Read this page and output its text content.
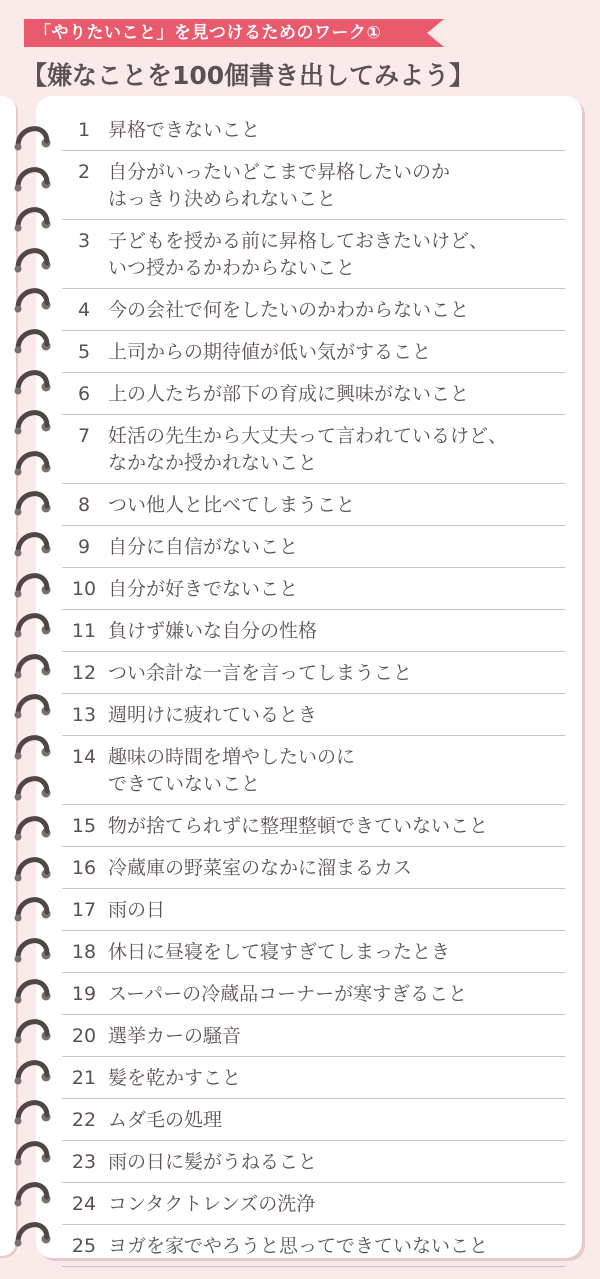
「やりたいこと」を見つけるためのワーク①
【嫌なことを100個書き出してみよう】
1 昇格できないこと
2 自分がいったいどこまで昇格したいのか
はっきり決められないこと
3 子どもを授かる前に昇格しておきたいけど、
いつ授かるかわからないこと
4 今の会社で何をしたいのかわからないこと
5 上司からの期待値が低い気がすること
6 上の人たちが部下の育成に興味がないこと
7 妊活の先生から大丈夫って言われているけど、
なかなか授かれないこと
8 つい他人と比べてしまうこと
9 自分に自信がないこと
10 自分が好きでないこと
11 負けず嫌いな自分の性格
12 つい余計な一言を言ってしまうこと
13 週明けに疲れているとき
14 趣味の時間を増やしたいのに
できていないこと
15 物が捨てられずに整理整頓できていないこと
16 冷蔵庫の野菜室のなかに溜まるカス
17 雨の日
18 休日に昼寝をして寝すぎてしまったとき
19 スーパーの冷蔵品コーナーが寒すぎること
20 選挙カーの騒音
21 髪を乾かすこと
22 ムダ毛の処理
23 雨の日に髪がうねること
24 コンタクトレンズの洗浄
25 ヨガを家でやろうと思ってできていないこと
